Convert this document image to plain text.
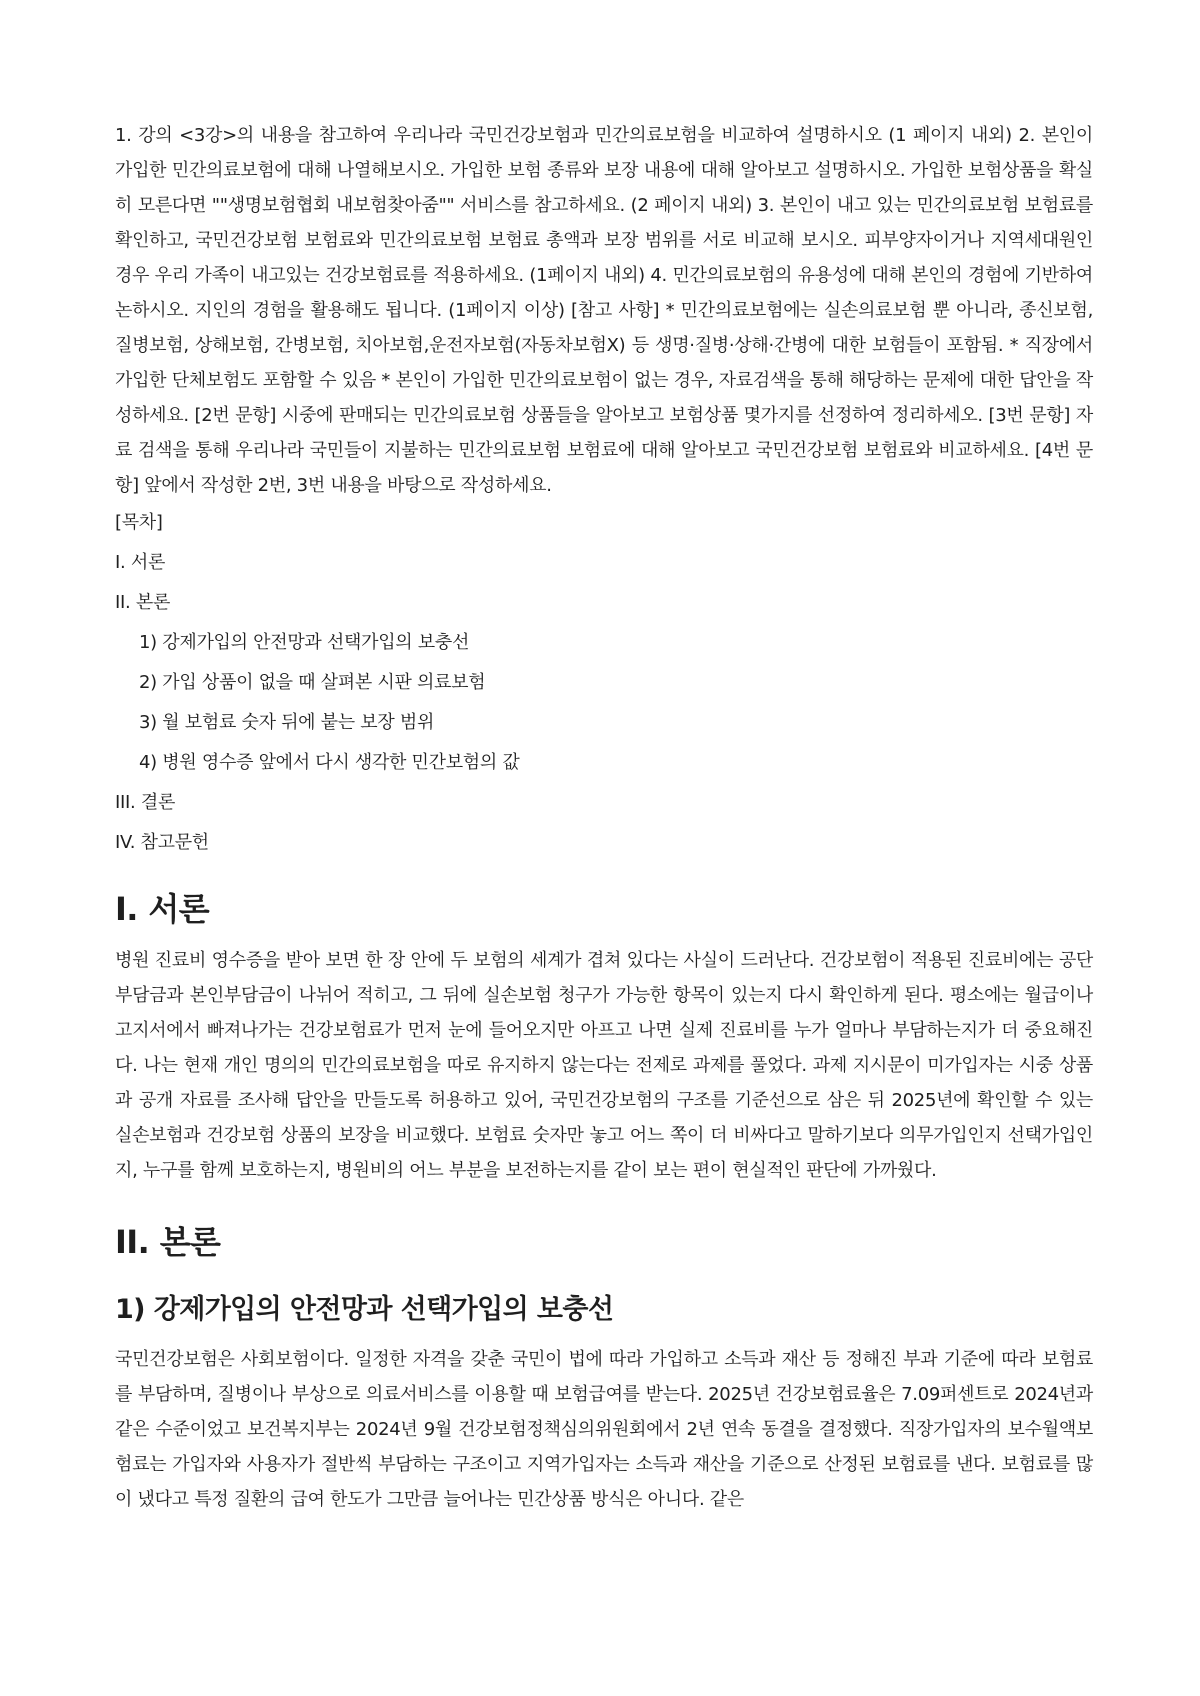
1. 강의 <3강>의 내용을 참고하여 우리나라 국민건강보험과 민간의료보험을 비교하여 설명하시오 (1 페이지 내외) 2. 본인이 가입한 민간의료보험에 대해 나열해보시오. 가입한 보험 종류와 보장 내용에 대해 알아보고 설명하시오. 가입한 보험상품을 확실히 모른다면 ""생명보험협회 내보험찾아줌"" 서비스를 참고하세요. (2 페이지 내외) 3. 본인이 내고 있는 민간의료보험 보험료를 확인하고, 국민건강보험 보험료와 민간의료보험 보험료 총액과 보장 범위를 서로 비교해 보시오. 피부양자이거나 지역세대원인 경우 우리 가족이 내고있는 건강보험료를 적용하세요. (1페이지 내외) 4. 민간의료보험의 유용성에 대해 본인의 경험에 기반하여 논하시오. 지인의 경험을 활용해도 됩니다. (1페이지 이상) [참고 사항] * 민간의료보험에는 실손의료보험 뿐 아니라, 종신보험, 질병보험, 상해보험, 간병보험, 치아보험,운전자보험(자동차보험X) 등 생명·질병·상해·간병에 대한 보험들이 포함됨. * 직장에서 가입한 단체보험도 포함할 수 있음 * 본인이 가입한 민간의료보험이 없는 경우, 자료검색을 통해 해당하는 문제에 대한 답안을 작성하세요. [2번 문항] 시중에 판매되는 민간의료보험 상품들을 알아보고 보험상품 몇가지를 선정하여 정리하세오. [3번 문항] 자료 검색을 통해 우리나라 국민들이 지불하는 민간의료보험 보험료에 대해 알아보고 국민건강보험 보험료와 비교하세요. [4번 문항] 앞에서 작성한 2번, 3번 내용을 바탕으로 작성하세요.

[목차]
I. 서론
II. 본론
1) 강제가입의 안전망과 선택가입의 보충선
2) 가입 상품이 없을 때 살펴본 시판 의료보험
3) 월 보험료 숫자 뒤에 붙는 보장 범위
4) 병원 영수증 앞에서 다시 생각한 민간보험의 값
III. 결론
IV. 참고문헌
I. 서론

병원 진료비 영수증을 받아 보면 한 장 안에 두 보험의 세계가 겹쳐 있다는 사실이 드러난다. 건강보험이 적용된 진료비에는 공단부담금과 본인부담금이 나뉘어 적히고, 그 뒤에 실손보험 청구가 가능한 항목이 있는지 다시 확인하게 된다. 평소에는 월급이나 고지서에서 빠져나가는 건강보험료가 먼저 눈에 들어오지만 아프고 나면 실제 진료비를 누가 얼마나 부담하는지가 더 중요해진다. 나는 현재 개인 명의의 민간의료보험을 따로 유지하지 않는다는 전제로 과제를 풀었다. 과제 지시문이 미가입자는 시중 상품과 공개 자료를 조사해 답안을 만들도록 허용하고 있어, 국민건강보험의 구조를 기준선으로 삼은 뒤 2025년에 확인할 수 있는 실손보험과 건강보험 상품의 보장을 비교했다. 보험료 숫자만 놓고 어느 쪽이 더 비싸다고 말하기보다 의무가입인지 선택가입인지, 누구를 함께 보호하는지, 병원비의 어느 부분을 보전하는지를 같이 보는 편이 현실적인 판단에 가까웠다.

II. 본론
1) 강제가입의 안전망과 선택가입의 보충선

국민건강보험은 사회보험이다. 일정한 자격을 갖춘 국민이 법에 따라 가입하고 소득과 재산 등 정해진 부과 기준에 따라 보험료를 부담하며, 질병이나 부상으로 의료서비스를 이용할 때 보험급여를 받는다. 2025년 건강보험료율은 7.09퍼센트로 2024년과 같은 수준이었고 보건복지부는 2024년 9월 건강보험정책심의위원회에서 2년 연속 동결을 결정했다. 직장가입자의 보수월액보험료는 가입자와 사용자가 절반씩 부담하는 구조이고 지역가입자는 소득과 재산을 기준으로 산정된 보험료를 낸다. 보험료를 많이 냈다고 특정 질환의 급여 한도가 그만큼 늘어나는 민간상품 방식은 아니다. 같은
